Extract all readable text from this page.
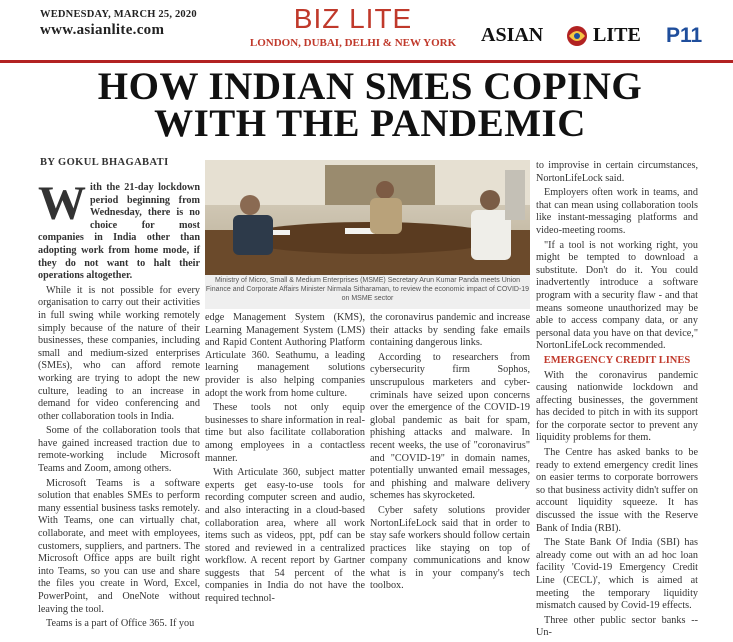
WEDNESDAY, MARCH 25, 2020
www.asianlite.com	BIZ LITE
LONDON, DUBAI, DELHI & NEW YORK	ASIAN LITE P11
HOW INDIAN SMES COPING
WITH THE PANDEMIC
BY GOKUL BHAGABATI

W ith the 21-day lockdown period beginning from Wednesday, there is no choice for most companies in India other than adopting work from home mode, if they do not want to halt their operations altogether.

While it is not possible for every organisation to carry out their activities in full swing while working remotely simply because of the nature of their businesses, these companies, including small and medium-sized enterprises (SMEs), who can afford remote working are trying to adopt the new culture, leading to an increase in demand for video conferencing and other collaboration tools in India.

Some of the collaboration tools that have gained increased traction due to remote-working include Microsoft Teams and Zoom, among others.

Microsoft Teams is a software solution that enables SMEs to perform many essential business tasks remotely. With Teams, one can virtually chat, collaborate, and meet with employees, customers, suppliers, and partners. The Microsoft Office apps are built right into Teams, so you can use and share the files you create in Word, Excel, PowerPoint, and OneNote without leaving the tool.

Teams is a part of Office 365. If you

Ministry of Micro, Small & Medium Enterprises (MSME) Secretary Arun Kumar Panda meets Union Finance and Corporate Affairs Minister Nirmala Sitharaman, to review the economic impact of COVID-19 on MSME sector

edge Management System (KMS), Learning Management System (LMS) and Rapid Content Authoring Platform Articulate 360. Seathumu, a leading learning management solutions provider is also helping companies adopt the work from home culture.

These tools not only equip businesses to share information in real-time but also facilitate collaboration among employees in a contactless manner.

With Articulate 360, subject matter experts get easy-to-use tools for recording computer screen and audio, and also interacting in a cloud-based collaboration area, where all work items such as videos, ppt, pdf can be stored and reviewed in a centralized workflow. A recent report by Gartner suggests that 54 percent of the companies in India do not have the required technol-

the coronavirus pandemic and increase their attacks by sending fake emails containing dangerous links.

According to researchers from cybersecurity firm Sophos, unscrupulous marketers and cyber-criminals have seized upon concerns over the emergence of the COVID-19 global pandemic as bait for spam, phishing attacks and malware. In recent weeks, the use of "coronavirus" and "COVID-19" in domain names, potentially unwanted email messages, and phishing and malware delivery schemes has skyrocketed.

Cyber safety solutions provider NortonLifeLock said that in order to stay safe workers should follow certain practices like staying on top of company communications and know what is in your company's tech toolbox.

to improvise in certain circumstances, NortonLifeLock said.

Employers often work in teams, and that can mean using collaboration tools like instant-messaging platforms and video-meeting rooms.

"If a tool is not working right, you might be tempted to download a substitute. Don't do it. You could inadvertently introduce a software program with a security flaw - and that means someone unauthorized may be able to access company data, or any personal data you have on that device," NortonLifeLock recommended.

EMERGENCY CREDIT LINES

With the coronavirus pandemic causing nationwide lockdown and affecting businesses, the government has decided to pitch in with its support for the corporate sector to prevent any liquidity problems for them.

The Centre has asked banks to be ready to extend emergency credit lines on easier terms to corporate borrowers so that business activity didn't suffer on account liquidity squeeze. It has discussed the issue with the Reserve Bank of India (RBI).

The State Bank Of India (SBI) has already come out with an ad hoc loan facility 'Covid-19 Emergency Credit Line (CECL)', which is aimed at meeting the temporary liquidity mismatch caused by Covid-19 effects.

Three other public sector banks -- Un-
